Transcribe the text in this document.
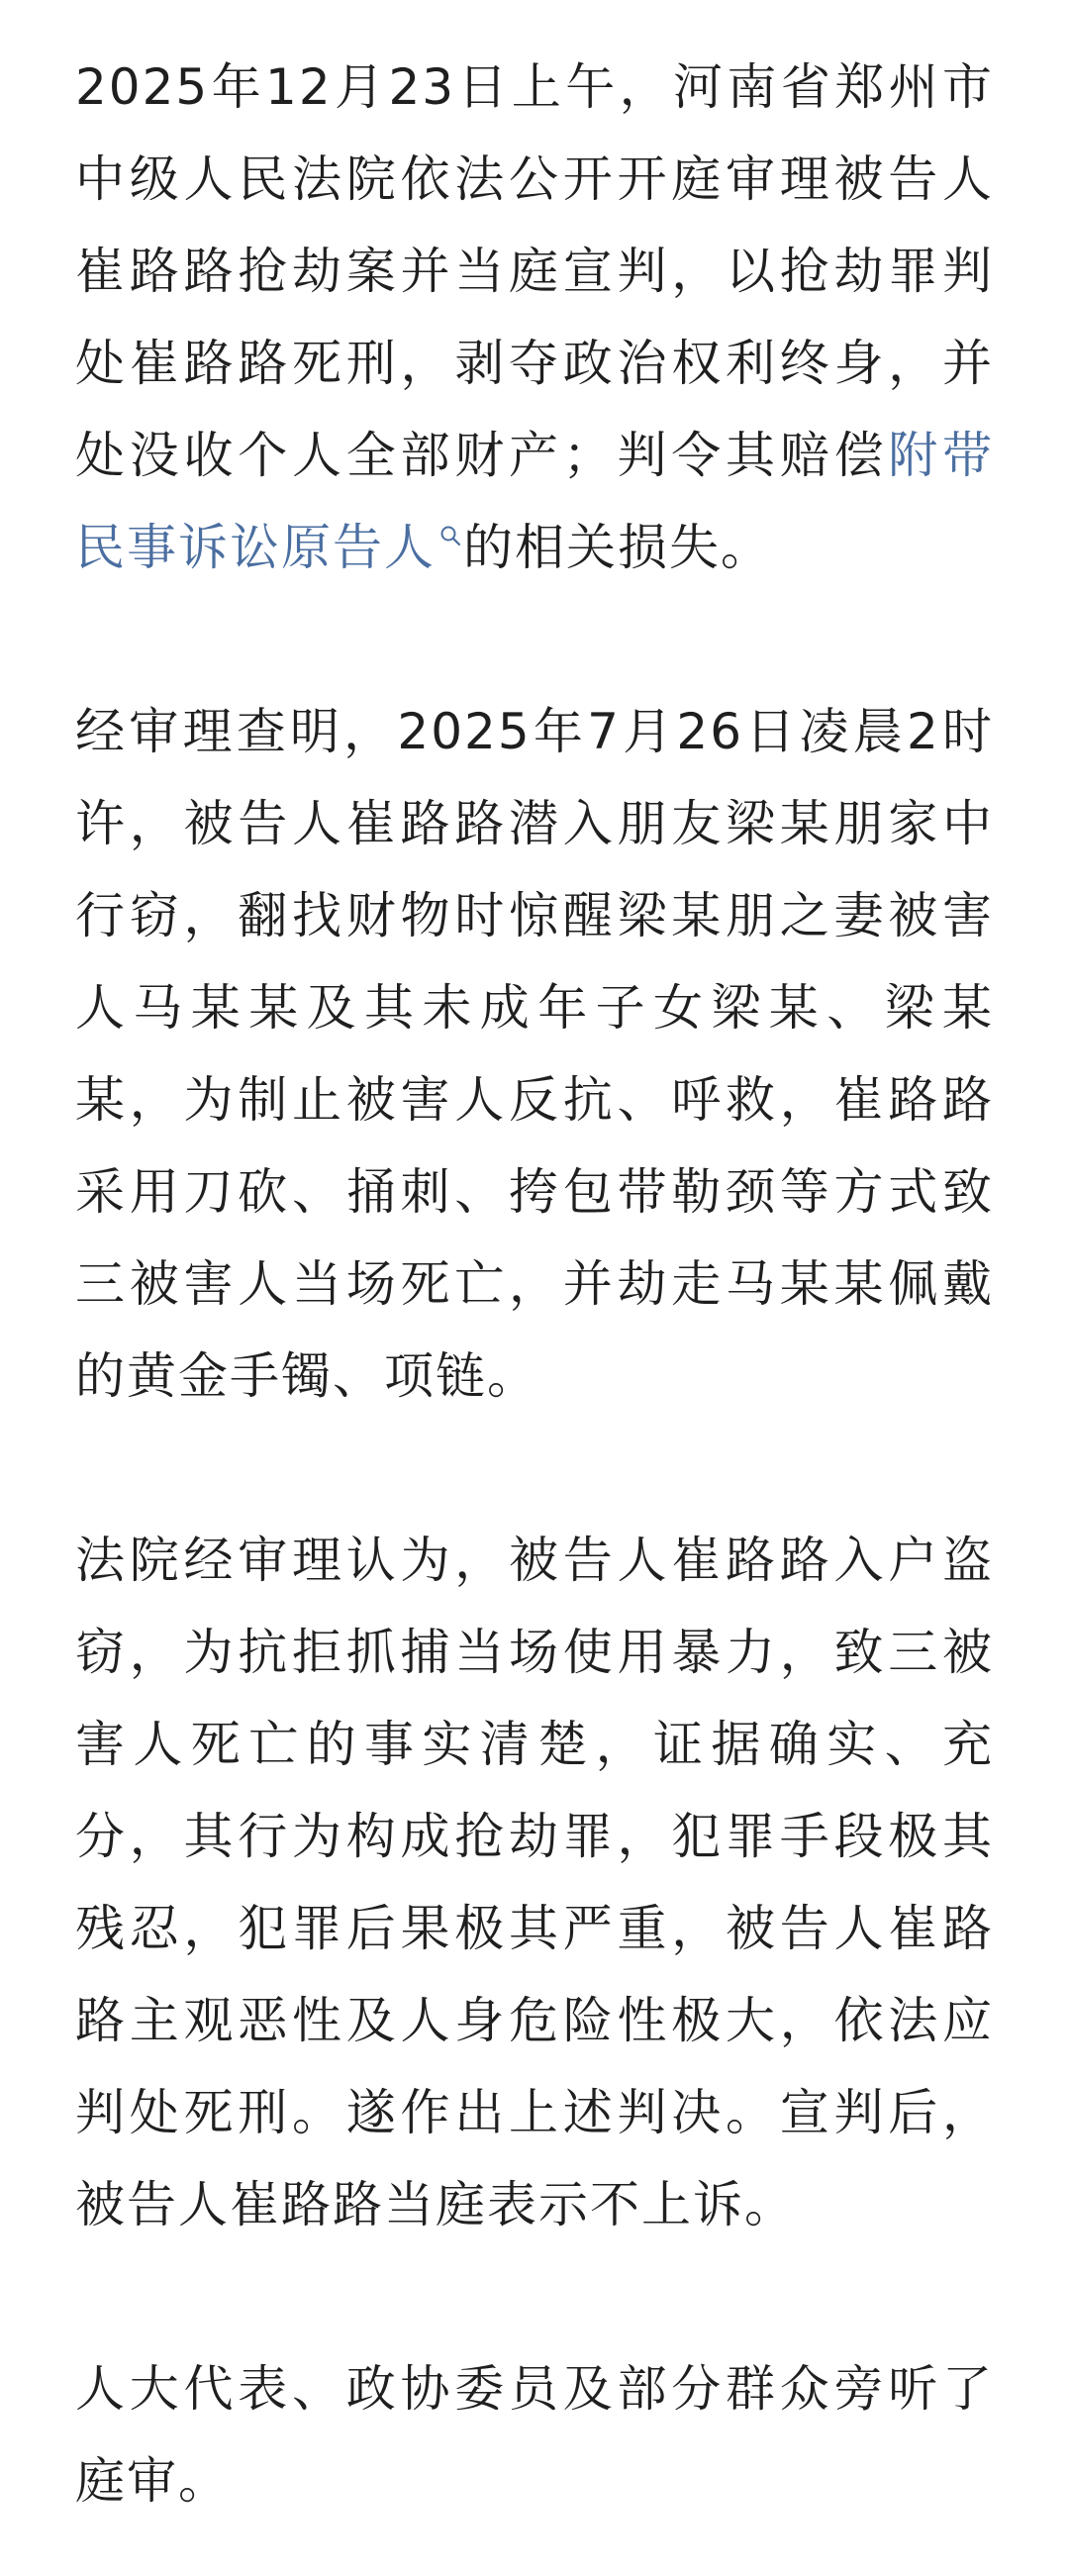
2025年12月23日上午，河南省郑州市中级人民法院依法公开开庭审理被告人崔路路抢劫案并当庭宣判，以抢劫罪判处崔路路死刑，剥夺政治权利终身，并处没收个人全部财产；判令其赔偿附带民事诉讼原告人 的相关损失。

经审理查明，2025年7月26日凌晨2时许，被告人崔路路潜入朋友梁某朋家中行窃，翻找财物时惊醒梁某朋之妻被害人马某某及其未成年子女梁某、梁某某，为制止被害人反抗、呼救，崔路路采用刀砍、捅刺、挎包带勒颈等方式致三被害人当场死亡，并劫走马某某佩戴的黄金手镯、项链。

法院经审理认为，被告人崔路路入户盗窃，为抗拒抓捕当场使用暴力，致三被害人死亡的事实清楚，证据确实、充分，其行为构成抢劫罪，犯罪手段极其残忍，犯罪后果极其严重，被告人崔路路主观恶性及人身危险性极大，依法应判处死刑。遂作出上述判决。宣判后，被告人崔路路当庭表示不上诉。

人大代表、政协委员及部分群众旁听了庭审。
